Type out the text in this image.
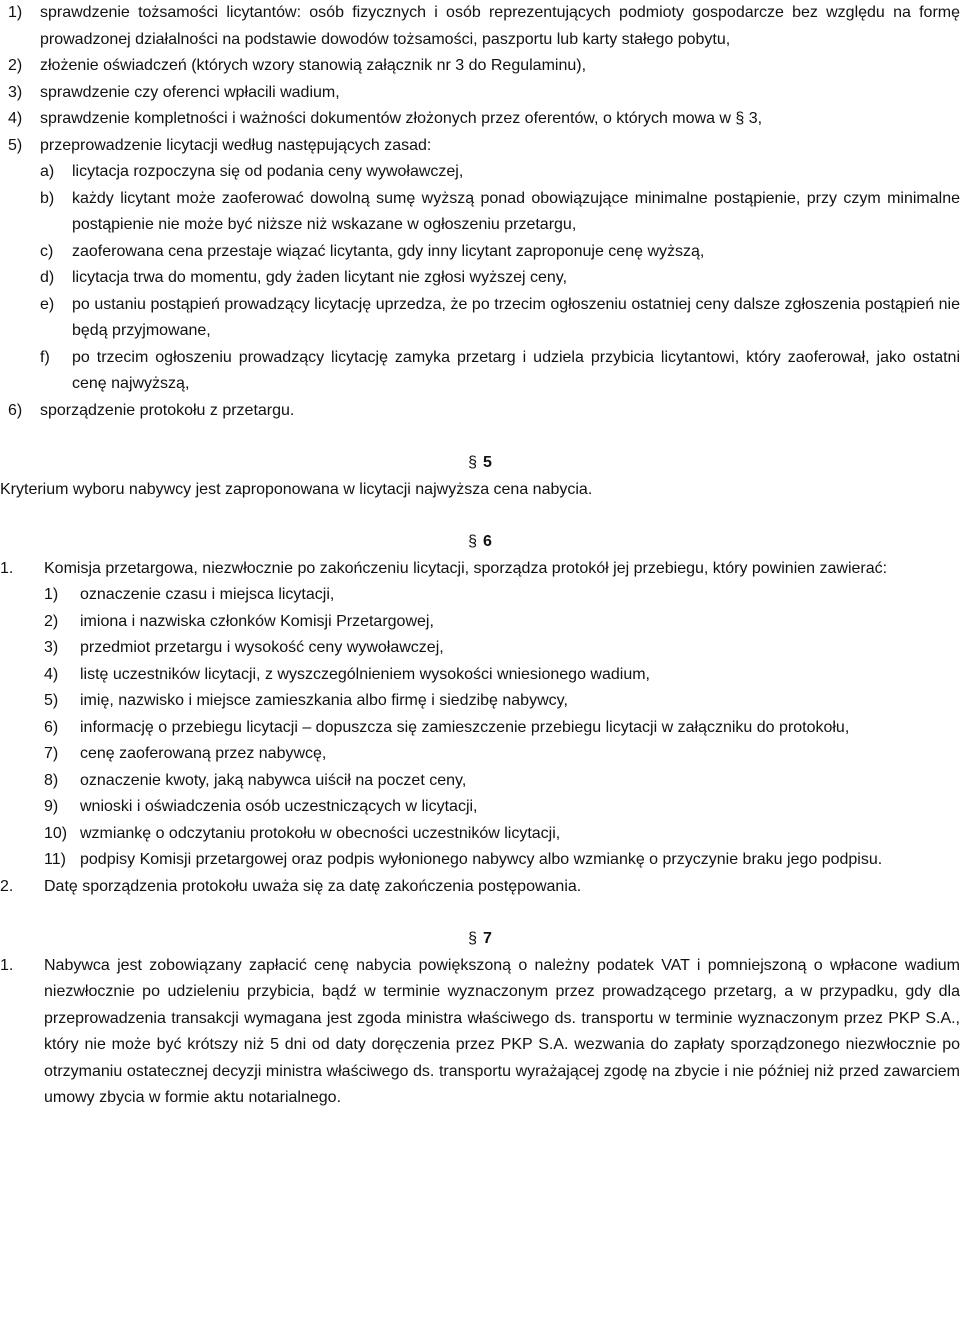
1)	sprawdzenie tożsamości licytantów: osób fizycznych i osób reprezentujących podmioty gospodarcze bez względu na formę prowadzonej działalności na podstawie dowodów tożsamości, paszportu lub karty stałego pobytu,
2)	złożenie oświadczeń (których wzory stanowią załącznik nr 3 do Regulaminu),
3)	sprawdzenie czy oferenci wpłacili wadium,
4)	sprawdzenie kompletności i ważności dokumentów złożonych przez oferentów, o których mowa w § 3,
5)	przeprowadzenie licytacji według następujących zasad:
a)	licytacja rozpoczyna się od podania ceny wywoławczej,
b)	każdy licytant może zaoferować dowolną sumę wyższą ponad obowiązujące minimalne postąpienie, przy czym minimalne postąpienie nie może być niższe niż wskazane w ogłoszeniu przetargu,
c)	zaoferowana cena przestaje wiązać licytanta, gdy inny licytant zaproponuje cenę wyższą,
d)	licytacja trwa do momentu, gdy żaden licytant nie zgłosi wyższej ceny,
e)	po ustaniu postąpień prowadzący licytację uprzedza, że po trzecim ogłoszeniu ostatniej ceny dalsze zgłoszenia postąpień nie będą przyjmowane,
f)	po trzecim ogłoszeniu prowadzący licytację zamyka przetarg i udziela przybicia licytantowi, który zaoferował, jako ostatni cenę najwyższą,
6)	sporządzenie protokołu z przetargu.
§ 5
Kryterium wyboru nabywcy jest zaproponowana w licytacji najwyższa cena nabycia.
§ 6
1.	Komisja przetargowa, niezwłocznie po zakończeniu licytacji, sporządza protokół jej przebiegu, który powinien zawierać:
1)	oznaczenie czasu i miejsca licytacji,
2)	imiona i nazwiska członków Komisji Przetargowej,
3)	przedmiot przetargu i wysokość ceny wywoławczej,
4)	listę uczestników licytacji, z wyszczególnieniem wysokości wniesionego wadium,
5)	imię, nazwisko i miejsce zamieszkania albo firmę i siedzibę nabywcy,
6)	informację o przebiegu licytacji – dopuszcza się zamieszczenie przebiegu licytacji w załączniku do protokołu,
7)	cenę zaoferowaną przez nabywcę,
8)	oznaczenie kwoty, jaką nabywca uiścił na poczet ceny,
9)	wnioski i oświadczenia osób uczestniczących w licytacji,
10) wzmiankę o odczytaniu protokołu w obecności uczestników licytacji,
11) podpisy Komisji przetargowej oraz podpis wyłonionego nabywcy albo wzmiankę o przyczynie braku jego podpisu.
2.	Datę sporządzenia protokołu uważa się za datę zakończenia postępowania.
§ 7
1.	Nabywca jest zobowiązany zapłacić cenę nabycia powiększoną o należny podatek VAT i pomniejszoną o wpłacone wadium niezwłocznie po udzieleniu przybicia, bądź w terminie wyznaczonym przez prowadzącego przetarg, a w przypadku, gdy dla przeprowadzenia transakcji wymagana jest zgoda ministra właściwego ds. transportu w terminie wyznaczonym przez PKP S.A., który nie może być krótszy niż 5 dni od daty doręczenia przez PKP S.A. wezwania do zapłaty sporządzonego niezwłocznie po otrzymaniu ostatecznej decyzji ministra właściwego ds. transportu wyrażającej zgodę na zbycie i nie później niż przed zawarciem umowy zbycia w formie aktu notarialnego.
